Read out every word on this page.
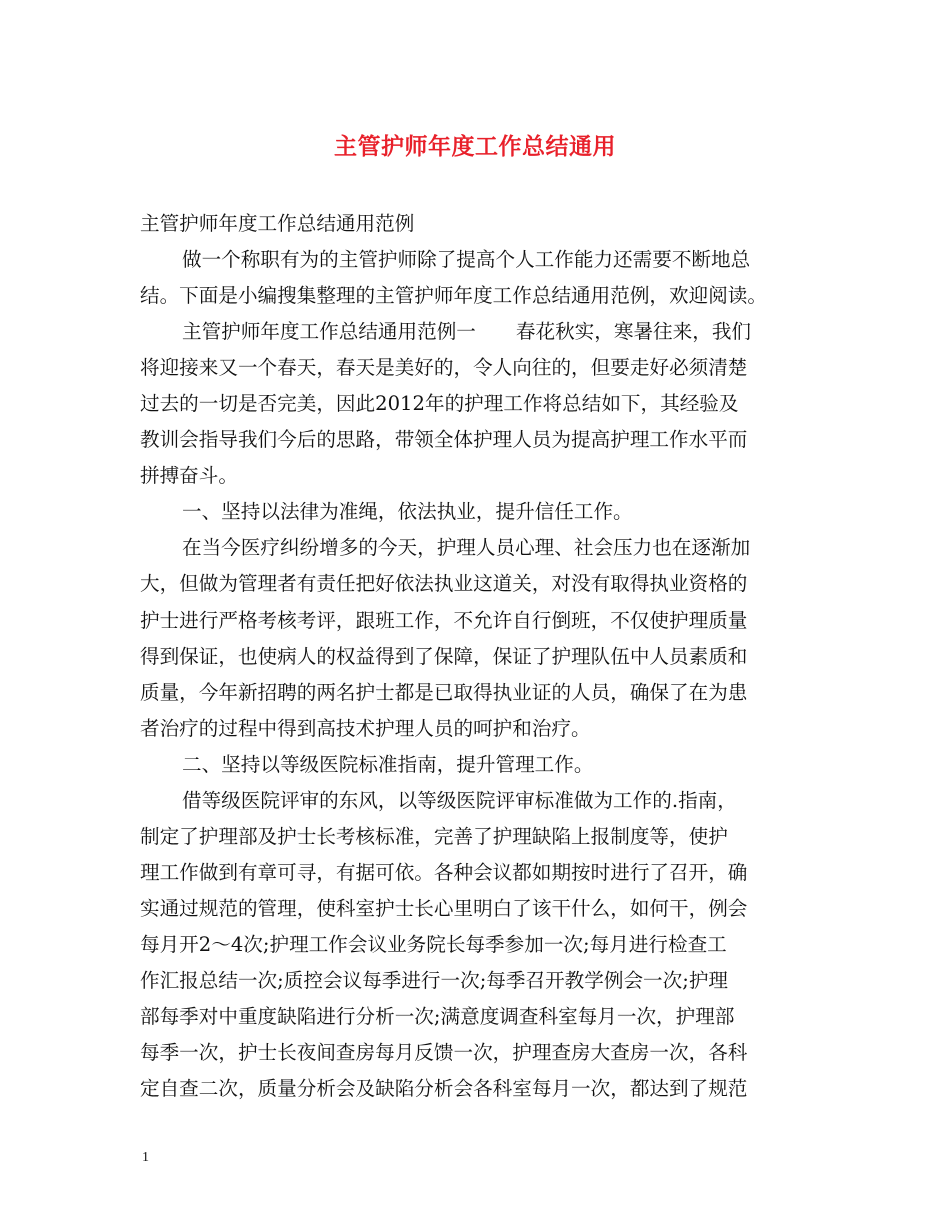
主管护师年度工作总结通用
主管护师年度工作总结通用范例
做一个称职有为的主管护师除了提高个人工作能力还需要不断地总
结。下面是小编搜集整理的主管护师年度工作总结通用范例，欢迎阅读。
主管护师年度工作总结通用范例一 春花秋实，寒暑往来，我们
将迎接来又一个春天，春天是美好的，令人向往的，但要走好必须清楚
过去的一切是否完美，因此2012年的护理工作将总结如下，其经验及
教训会指导我们今后的思路，带领全体护理人员为提高护理工作水平而
拼搏奋斗。
一、坚持以法律为准绳，依法执业，提升信任工作。
在当今医疗纠纷增多的今天，护理人员心理、社会压力也在逐渐加
大，但做为管理者有责任把好依法执业这道关，对没有取得执业资格的
护士进行严格考核考评，跟班工作，不允许自行倒班，不仅使护理质量
得到保证，也使病人的权益得到了保障，保证了护理队伍中人员素质和
质量，今年新招聘的两名护士都是已取得执业证的人员，确保了在为患
者治疗的过程中得到高技术护理人员的呵护和治疗。
二、坚持以等级医院标准指南，提升管理工作。
借等级医院评审的东风，以等级医院评审标准做为工作的.指南，
制定了护理部及护士长考核标准，完善了护理缺陷上报制度等，使护
理工作做到有章可寻，有据可依。各种会议都如期按时进行了召开，确
实通过规范的管理，使科室护士长心里明白了该干什么，如何干，例会
每月开2～4次;护理工作会议业务院长每季参加一次;每月进行检查工
作汇报总结一次;质控会议每季进行一次;每季召开教学例会一次;护理
部每季对中重度缺陷进行分析一次;满意度调查科室每月一次，护理部
每季一次，护士长夜间查房每月反馈一次，护理查房大查房一次，各科
定自查二次，质量分析会及缺陷分析会各科室每月一次，都达到了规范
1
